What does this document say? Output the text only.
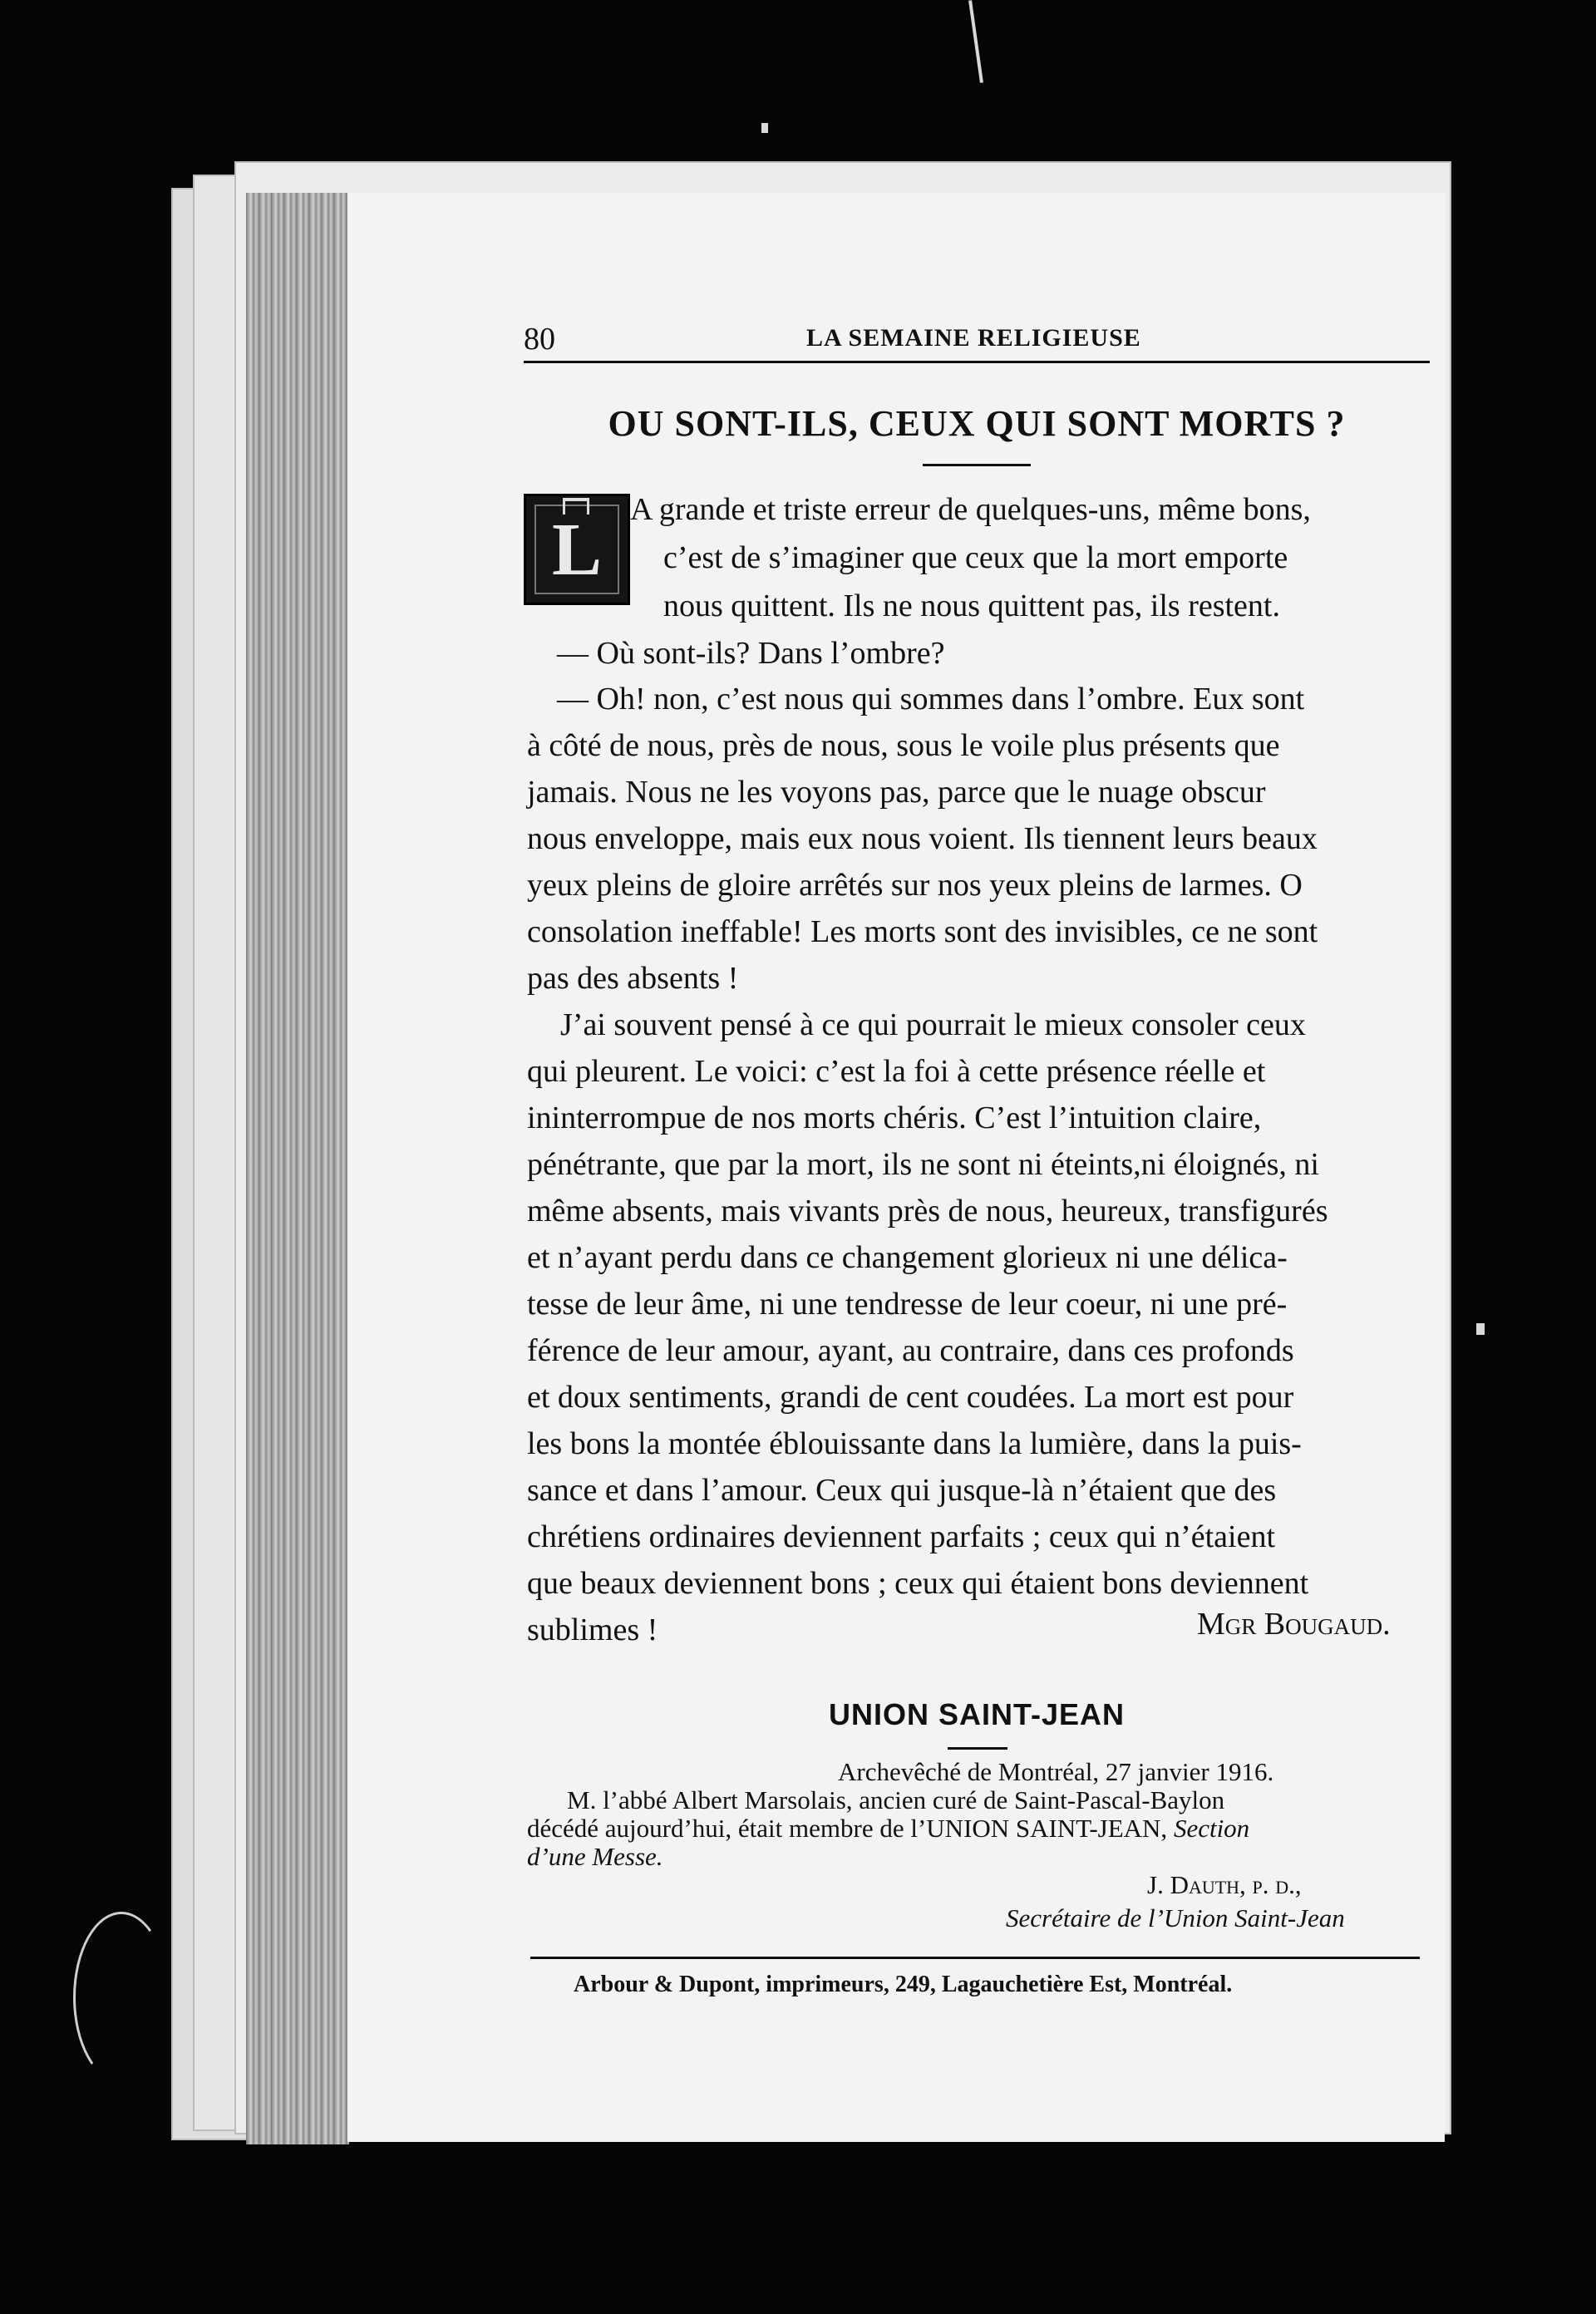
80	LA SEMAINE RELIGIEUSE
OU SONT-ILS, CEUX QUI SONT MORTS ?
L A grande et triste erreur de quelques-uns, même bons,
c’est de s’imaginer que ceux que la mort emporte
nous quittent. Ils ne nous quittent pas, ils restent.
— Où sont-ils? Dans l’ombre?
— Oh! non, c’est nous qui sommes dans l’ombre. Eux sont
à côté de nous, près de nous, sous le voile plus présents que
jamais. Nous ne les voyons pas, parce que le nuage obscur
nous enveloppe, mais eux nous voient. Ils tiennent leurs beaux
yeux pleins de gloire arrêtés sur nos yeux pleins de larmes. O
consolation ineffable! Les morts sont des invisibles, ce ne sont
pas des absents !
J’ai souvent pensé à ce qui pourrait le mieux consoler ceux
qui pleurent. Le voici: c’est la foi à cette présence réelle et
ininterrompue de nos morts chéris. C’est l’intuition claire,
pénétrante, que par la mort, ils ne sont ni éteints,ni éloignés, ni
même absents, mais vivants près de nous, heureux, transfigurés
et n’ayant perdu dans ce changement glorieux ni une délica-
tesse de leur âme, ni une tendresse de leur coeur, ni une pré-
férence de leur amour, ayant, au contraire, dans ces profonds
et doux sentiments, grandi de cent coudées. La mort est pour
les bons la montée éblouissante dans la lumière, dans la puis-
sance et dans l’amour. Ceux qui jusque-là n’étaient que des
chrétiens ordinaires deviennent parfaits ; ceux qui n’étaient
que beaux deviennent bons ; ceux qui étaient bons deviennent
sublimes !	Mgr Bougaud.
UNION SAINT-JEAN
Archevêché de Montréal, 27 janvier 1916.
M. l’abbé Albert Marsolais, ancien curé de Saint-Pascal-Baylon
décédé aujourd’hui, était membre de l’UNION SAINT-JEAN, Section
d’une Messe.
J. Dauth, p. d.,
Secrétaire de l’Union Saint-Jean
Arbour & Dupont, imprimeurs, 249, Lagauchetière Est, Montréal.
